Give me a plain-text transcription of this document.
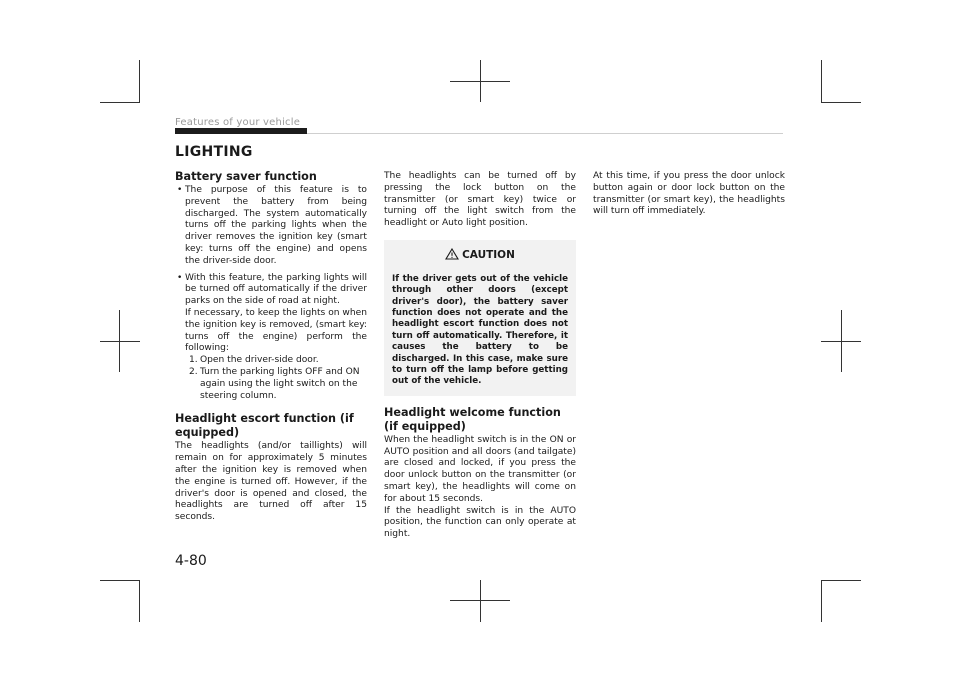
Features of your vehicle
LIGHTING
Battery saver function
• The purpose of this feature is to prevent the battery from being discharged. The system automatically turns off the parking lights when the driver removes the ignition key (smart key: turns off the engine) and opens the driver-side door.
• With this feature, the parking lights will be turned off automatically if the driver parks on the side of road at night.
If necessary, to keep the lights on when the ignition key is removed, (smart key: turns off the engine) perform the following:
1. Open the driver-side door.
2. Turn the parking lights OFF and ON again using the light switch on the steering column.
Headlight escort function (if equipped)

The headlights (and/or taillights) will remain on for approximately 5 minutes after the ignition key is removed when the engine is turned off. However, if the driver's door is opened and closed, the headlights are turned off after 15 seconds.

The headlights can be turned off by pressing the lock button on the transmitter (or smart key) twice or turning off the light switch from the headlight or Auto light position.

CAUTION
If the driver gets out of the vehicle through other doors (except driver's door), the battery saver function does not operate and the headlight escort function does not turn off automatically. Therefore, it causes the battery to be discharged. In this case, make sure to turn off the lamp before getting out of the vehicle.
Headlight welcome function (if equipped)

When the headlight switch is in the ON or AUTO position and all doors (and tailgate) are closed and locked, if you press the door unlock button on the transmitter (or smart key), the headlights will come on for about 15 seconds.

If the headlight switch is in the AUTO position, the function can only operate at night.

At this time, if you press the door unlock button again or door lock button on the transmitter (or smart key), the headlights will turn off immediately.

4-80
